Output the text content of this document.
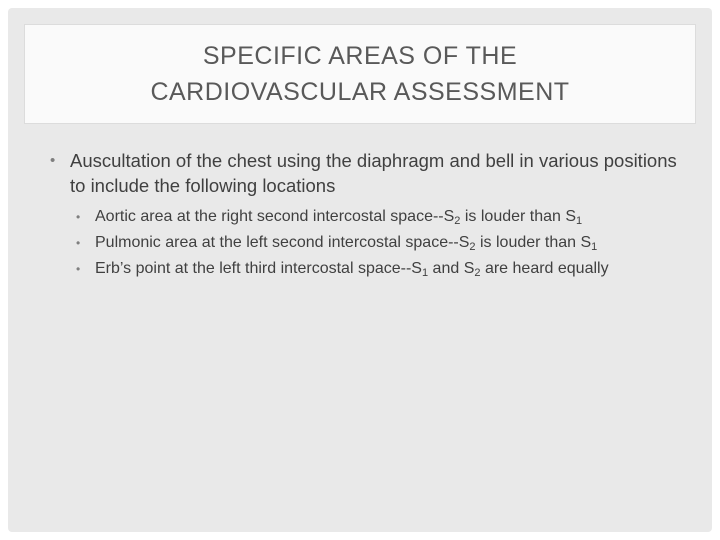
SPECIFIC AREAS OF THE
CARDIOVASCULAR ASSESSMENT

• Auscultation of the chest using the diaphragm and bell in various positions to include the following locations

• Aortic area at the right second intercostal space-$-S_2$ is louder than $S_1$
• Pulmonic area at the left second intercostal space-$-S_2$ is louder than $S_1$
• Erb’s point at the left third intercostal space-$-S_1$ and $S_2$ are heard equally
